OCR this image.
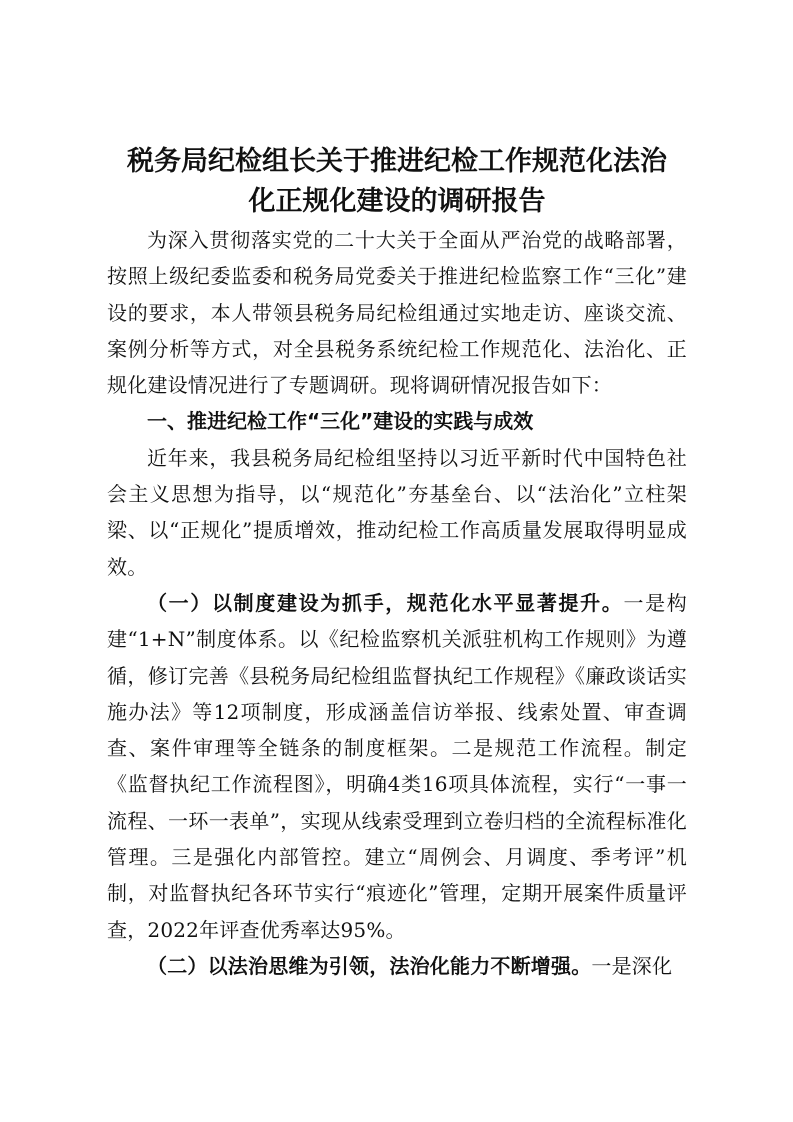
税务局纪检组长关于推进纪检工作规范化法治
化正规化建设的调研报告

为深入贯彻落实党的二十大关于全面从严治党的战略部署，按照上级纪委监委和税务局党委关于推进纪检监察工作“三化”建设的要求，本人带领县税务局纪检组通过实地走访、座谈交流、案例分析等方式，对全县税务系统纪检工作规范化、法治化、正规化建设情况进行了专题调研。现将调研情况报告如下：

一、推进纪检工作“三化”建设的实践与成效

近年来，我县税务局纪检组坚持以习近平新时代中国特色社会主义思想为指导，以“规范化”夯基垒台、以“法治化”立柱架梁、以“正规化”提质增效，推动纪检工作高质量发展取得明显成效。

（一）以制度建设为抓手，规范化水平显著提升。一是构建“1+N”制度体系。以《纪检监察机关派驻机构工作规则》为遵循，修订完善《县税务局纪检组监督执纪工作规程》《廉政谈话实施办法》等12项制度，形成涵盖信访举报、线索处置、审查调查、案件审理等全链条的制度框架。二是规范工作流程。制定《监督执纪工作流程图》，明确4类16项具体流程，实行“一事一流程、一环一表单”，实现从线索受理到立卷归档的全流程标准化管理。三是强化内部管控。建立“周例会、月调度、季考评”机制，对监督执纪各环节实行“痕迹化”管理，定期开展案件质量评查，2022年评查优秀率达95%。

（二）以法治思维为引领，法治化能力不断增强。一是深化
